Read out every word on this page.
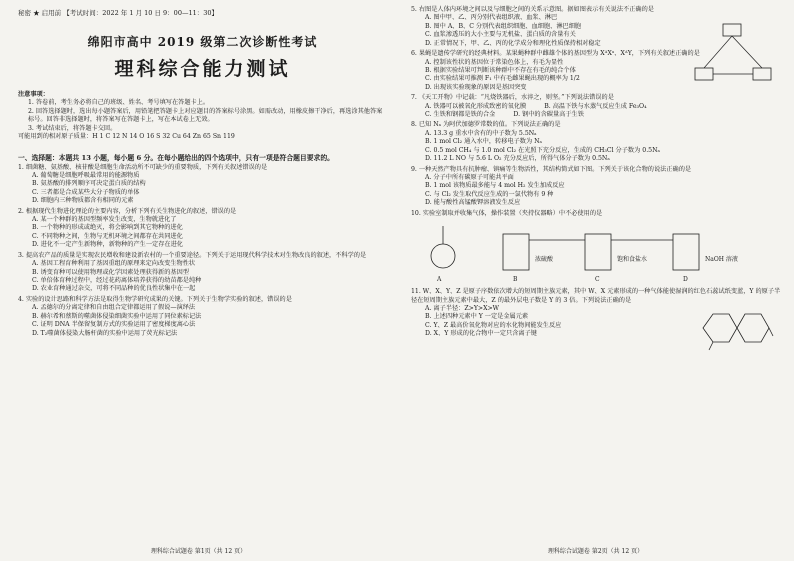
秘密 ★ 启用前 【考试时间：2022 年 1 月 10 日 9：00—11：30】
绵阳市高中 2019 级第二次诊断性考试
理科综合能力测试
注意事项：
1. 答卷前，考生务必将自己的班级、姓名、考号填写在答题卡上。
2. 回答选择题时，选出每小题答案后，用铅笔把答题卡上对应题目的答案标号涂黑。如需改动，用橡皮擦干净后，再选涂其他答案标号。回答非选择题时，将答案写在答题卡上，写在本试卷上无效。
3. 考试结束后，将答题卡交回。
可能用到的相对原子质量：H 1 C 12 N 14 O 16 S 32 Cu 64 Zn 65 Sn 119
一、选择题：本题共 13 小题，每小题 6 分。在每小题给出的四个选项中，只有一项是符合题目要求的。
1. 细菌糖、氨基酸、核苷酸是细胞生命活动所不可缺少的重要物质，下列有关叙述错误的是
A. 葡萄糖是细胞呼吸最常用的能源物质
B. 氨基酸的排列顺序可决定蛋白质的结构
C. 三者都是合成某些大分子物质的单体
D. 细胞内三种物质都含有相同的元素
2. 根据现代生物进化理论的主要内容，分析下列有关生物进化的叙述，错误的是
A. 某一个种群的基因型频率发生改变，生物就进化了
B. 一个物种的形成或绝灭，将会影响到其它物种的进化
C. 不同物种之间，生物与无机环境之间都存在共同进化
D. 进化不一定产生新物种，新物种的产生一定存在进化
3. 提高农产品的质量是实现农民增收和建设新农村的一个重要途径。下列关于运用现代科学技术对生物改良的叙述，不科学的是
A. 基因工程育种利用了基因重组的原理来定向改变生物性状
B. 诱变育种可以使用物理或化学因素处理获得新的基因型
C. 单倍体育种过程中，经过花药离体培养获得的幼苗都是纯种
D. 农业育种通过杂交，可将不同品种的优良性状集中在一起
4. 实验的设计思路和科学方法是取得生物学研究成果的关键。下列关于生物学实验的叙述，错误的是
A. 孟德尔的分离定律和自由组合定律都运用了假说—演绎法
B. 赫尔希和蔡斯的噬菌体侵染细菌实验中运用了同位素标记法
C. 证明 DNA 半保留复制方式的实验运用了密度梯度离心法
D. T₂噬菌体侵染大肠杆菌的实验中运用了荧光标记法
理科综合试题卷 第1页（共 12 页）
5. 右图是人体内环境之间以及与细胞之间的关系示意图。据如图表示有关说法不正确的是
A. 图中甲、乙、丙分别代表组织液、血浆、淋巴
B. 图中 A、B、C 分别代表组织细胞、血细胞、淋巴细胞
C. 血浆渗透压的大小主要与无机盐、蛋白质的含量有关
D. 正常情况下，甲、乙、丙的化学成分和理化性质保持相对稳定
6. 果蝇是遗传学研究的经典材料。某果蝇种群中雌雄个体的基因型为 XᴬXᵃ、XᴬY，下列有关叙述正确的是
A. 控制该性状的基因位于常染色体上，有毛为显性
B. 根据实验结果可判断该种群中不存在有毛的纯合个体
C. 由实验结果可推测 F₁ 中有毛雌果蝇出现的概率为 1/2
D. 出现该实验现象的原因是基因突变
7. 《天工开物》中记载：“凡烧铁器后，水淬之，则坚。”下列说法错误的是
A. 铁器可以被氧化形成致密的氧化膜	B. 高温下铁与水蒸气反应生成 Fe₃O₄
C. 生铁和钢都是铁的合金	D. 钢中的含碳量高于生铁
8. 已知 Nₐ 为阿伏加德罗常数的值。下列说法正确的是
A. 13.3 g 重水中含有的中子数为 5.5Nₐ
B. 1 mol Cl₂ 通入水中，转移电子数为 Nₐ
C. 0.5 mol CH₄ 与 1.0 mol Cl₂ 在光照下充分反应，生成的 CH₃Cl 分子数为 0.5Nₐ
D. 11.2 L NO 与 5.6 L O₂ 充分反应后，所得气体分子数为 0.5Nₐ
9. 一种天然产物具有抗肿瘤、镇痛等生物活性，其结构简式如下图。下列关于该化合物的说法正确的是
A. 分子中所有碳原子可能共平面
B. 1 mol 该物质最多能与 4 mol H₂ 发生加成反应
C. 与 Cl₂ 发生取代反应生成的一氯代物有 9 种
D. 能与酸性高锰酸钾溶液发生反应
10. 实验室制取并收集气体，操作装置（夹持仪器略）中不必使用的是
浓硫酸	饱和食盐水	NaOH 溶液
A	B	C	D
11. W、X、Y、Z 是原子序数依次增大的短周期主族元素，其中 W、X 元素形成的一种气体能使湿润的红色石蕊试纸变蓝，Y 的原子半径在短周期主族元素中最大，Z 的最外层电子数是 Y 的 3 倍。下列说法正确的是
A. 离子半径：Z>Y>X>W
B. 上述四种元素中 Y 一定是金属元素
C. Y、Z 最高价氧化物对应的水化物间能发生反应
D. X、Y 形成的化合物中一定只含离子键
理科综合试题卷 第2页（共 12 页）
